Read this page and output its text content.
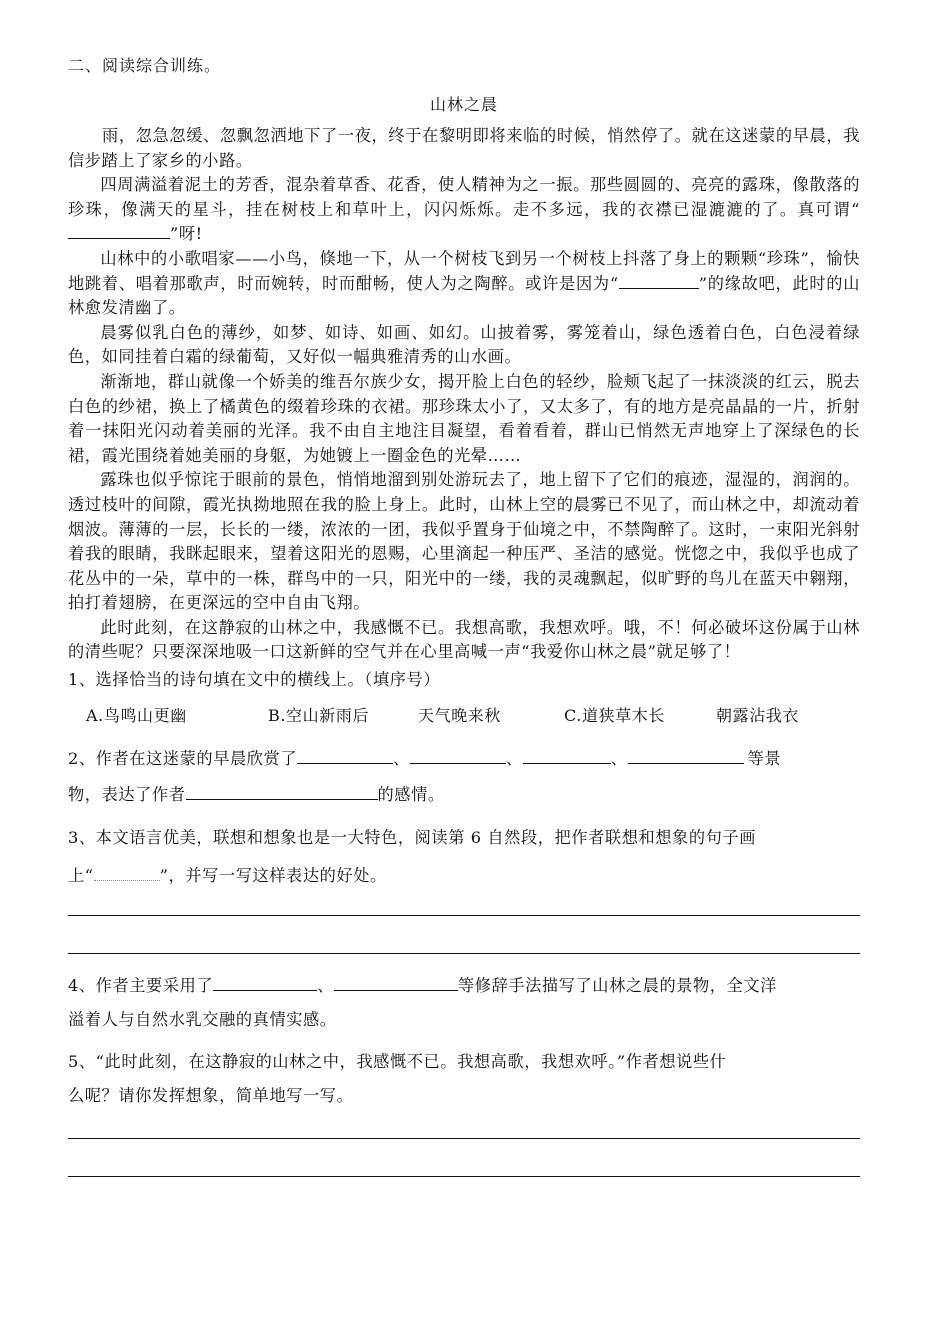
二、阅读综合训练。
山林之晨

雨，忽急忽缓、忽飘忽洒地下了一夜，终于在黎明即将来临的时候，悄然停了。就在这迷蒙的早晨，我信步踏上了家乡的小路。

四周满溢着泥土的芳香，混杂着草香、花香，使人精神为之一振。那些圆圆的、亮亮的露珠，像散落的珍珠，像满天的星斗，挂在树枝上和草叶上，闪闪烁烁。走不多远，我的衣襟已湿漉漉的了。真可谓“”呀!

山林中的小歌唱家——小鸟，倏地一下，从一个树枝飞到另一个树枝上抖落了身上的颗颗“珍珠”，愉快地跳着、唱着那歌声，时而婉转，时而酣畅，使人为之陶醉。或许是因为“	”的缘故吧，此时的山林愈发清幽了。

晨雾似乳白色的薄纱，如梦、如诗、如画、如幻。山披着雾，雾笼着山，绿色透着白色，白色浸着绿色，如同挂着白霜的绿葡萄，又好似一幅典雅清秀的山水画。

渐渐地，群山就像一个娇美的维吾尔族少女，揭开脸上白色的轻纱，脸颊飞起了一抹淡淡的红云，脱去白色的纱裙，换上了橘黄色的缀着珍珠的衣裙。那珍珠太小了，又太多了，有的地方是亮晶晶的一片，折射着一抹阳光闪动着美丽的光泽。我不由自主地注目凝望，看着看着，群山已悄然无声地穿上了深绿色的长裙，霞光围绕着她美丽的身躯，为她镀上一圈金色的光晕……

露珠也似乎惊诧于眼前的景色，悄悄地溜到别处游玩去了，地上留下了它们的痕迹，湿湿的，润润的。透过枝叶的间隙，霞光执拗地照在我的脸上身上。此时，山林上空的晨雾已不见了，而山林之中，却流动着烟波。薄薄的一层，长长的一缕，浓浓的一团，我似乎置身于仙境之中，不禁陶醉了。这时，一束阳光斜射着我的眼睛，我眯起眼来，望着这阳光的恩赐，心里滴起一种压严、圣洁的感觉。恍惚之中，我似乎也成了花丛中的一朵，草中的一株，群鸟中的一只，阳光中的一缕，我的灵魂飘起，似旷野的鸟儿在蓝天中翱翔，拍打着翅膀，在更深远的空中自由飞翔。

此时此刻，在这静寂的山林之中，我感慨不已。我想高歌，我想欢呼。哦，不！何必破坏这份属于山林的清些呢？只要深深地吸一口这新鲜的空气并在心里高喊一声“我爱你山林之晨”就足够了！

1、选择恰当的诗句填在文中的横线上。（填序号）

A.鸟鸣山更幽	B.空山新雨后	天气晚来秋	C.道狭草木长	朝露沾我衣

2、作者在这迷蒙的早晨欣赏了	、	、	、	等景
物，表达了作者	的感情。

3、本文语言优美，联想和想象也是一大特色，阅读第 6 自然段，把作者联想和想象的句子画
上“	”，并写一写这样表达的好处。

4、作者主要采用了	、	等修辞手法描写了山林之晨的景物，全文洋
溢着人与自然水乳交融的真情实感。

5、“此时此刻，在这静寂的山林之中，我感慨不已。我想高歌，我想欢呼。”作者想说些什
么呢？请你发挥想象，简单地写一写。
